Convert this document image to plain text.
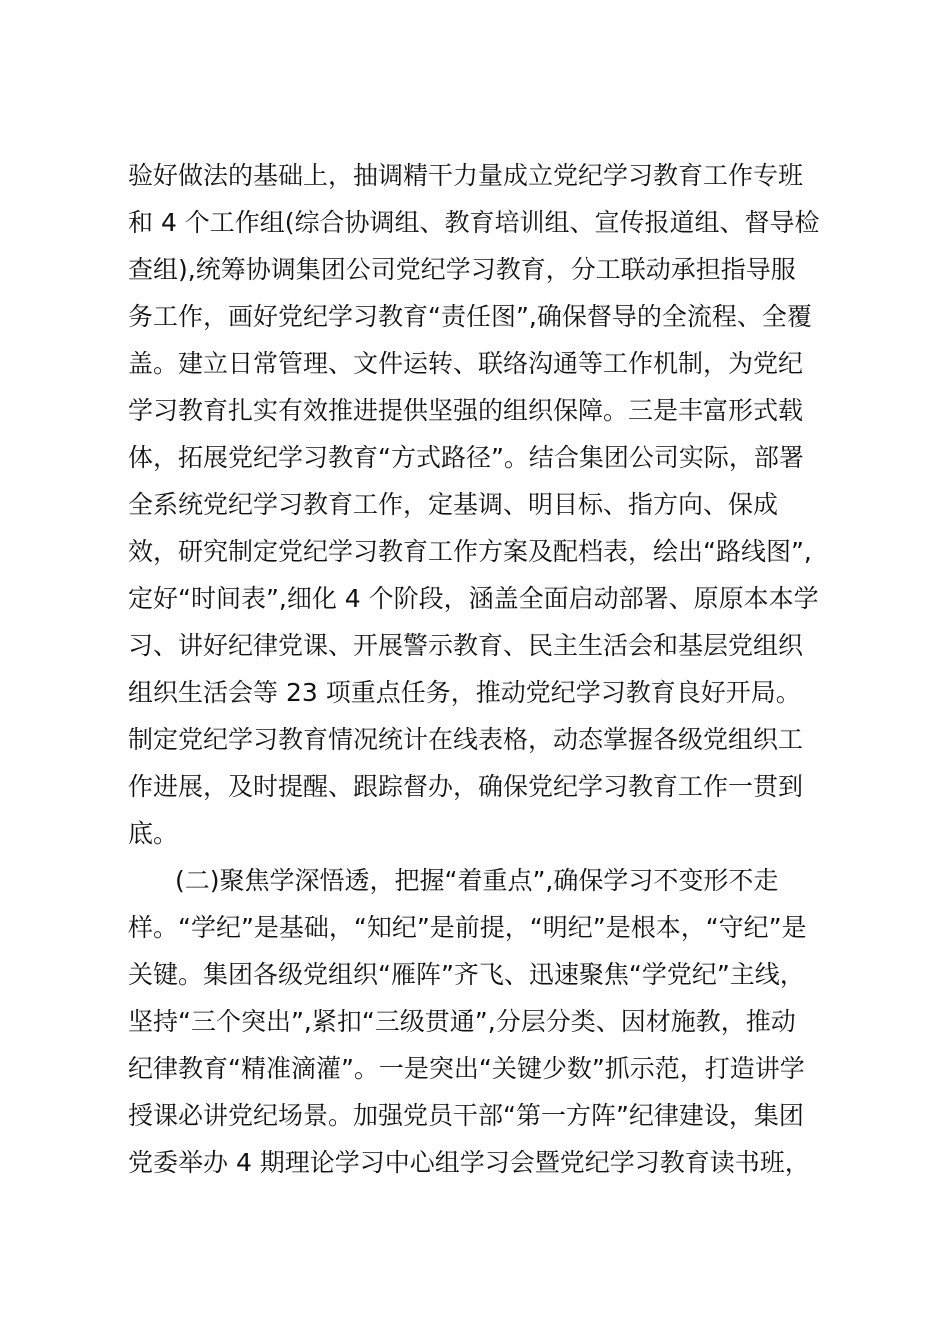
验好做法的基础上，抽调精干力量成立党纪学习教育工作专班
和 4 个工作组(综合协调组、教育培训组、宣传报道组、督导检
查组),统筹协调集团公司党纪学习教育，分工联动承担指导服
务工作，画好党纪学习教育“责任图”,确保督导的全流程、全覆
盖。建立日常管理、文件运转、联络沟通等工作机制，为党纪
学习教育扎实有效推进提供坚强的组织保障。三是丰富形式载
体，拓展党纪学习教育“方式路径”。结合集团公司实际，部署
全系统党纪学习教育工作，定基调、明目标、指方向、保成
效，研究制定党纪学习教育工作方案及配档表，绘出“路线图”,
定好“时间表”,细化 4 个阶段，涵盖全面启动部署、原原本本学
习、讲好纪律党课、开展警示教育、民主生活会和基层党组织
组织生活会等 23 项重点任务，推动党纪学习教育良好开局。
制定党纪学习教育情况统计在线表格，动态掌握各级党组织工
作进展，及时提醒、跟踪督办，确保党纪学习教育工作一贯到
底。
(二)聚焦学深悟透，把握“着重点”,确保学习不变形不走
样。“学纪”是基础，“知纪”是前提，“明纪”是根本，“守纪”是
关键。集团各级党组织“雁阵”齐飞、迅速聚焦“学党纪”主线，
坚持“三个突出”,紧扣“三级贯通”,分层分类、因材施教，推动
纪律教育“精准滴灌”。一是突出“关键少数”抓示范，打造讲学
授课必讲党纪场景。加强党员干部“第一方阵”纪律建设，集团
党委举办 4 期理论学习中心组学习会暨党纪学习教育读书班，
